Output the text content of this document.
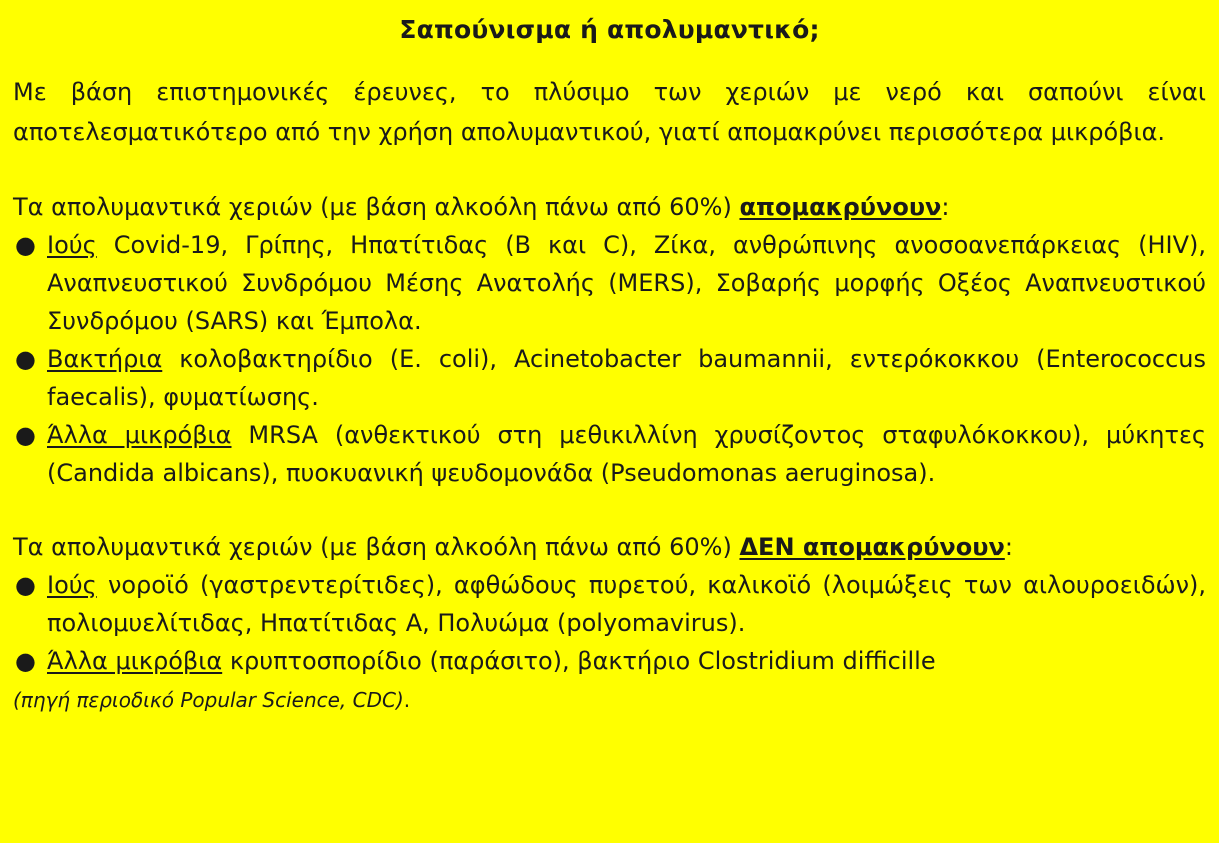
Σαπούνισμα ή απολυμαντικό;

Με βάση επιστημονικές έρευνες, το πλύσιμο των χεριών με νερό και σαπούνι είναι αποτελεσματικότερο από την χρήση απολυμαντικού, γιατί απομακρύνει περισσότερα μικρόβια.

Τα απολυμαντικά χεριών (με βάση αλκοόλη πάνω από 60%) απομακρύνουν:

● Ιούς Covid-19, Γρίπης, Ηπατίτιδας (Β και C), Ζίκα, ανθρώπινης ανοσοανεπάρκειας (HIV), Αναπνευστικού Συνδρόμου Μέσης Ανατολής (MERS), Σοβαρής μορφής Οξέος Αναπνευστικού Συνδρόμου (SARS) και Έμπολα.
● Βακτήρια κολοβακτηρίδιο (E. coli), Acinetobacter baumannii, εντερόκοκκου (Enterococcus faecalis), φυματίωσης.
● Άλλα μικρόβια MRSA (ανθεκτικού στη μεθικιλλίνη χρυσίζοντος σταφυλόκοκκου), μύκητες (Candida albicans), πυοκυανική ψευδομονάδα (Pseudomonas aeruginosa).

Τα απολυμαντικά χεριών (με βάση αλκοόλη πάνω από 60%) ΔΕΝ απομακρύνουν:

● Ιούς νοροϊό (γαστρεντερίτιδες), αφθώδους πυρετού, καλικοϊό (λοιμώξεις των αιλουροειδών), πολιομυελίτιδας, Ηπατίτιδας Α, Πολυώμα (polyomavirus).
● Άλλα μικρόβια κρυπτοσπορίδιο (παράσιτο), βακτήριο Clostridium difficille
(πηγή περιοδικό Popular Science, CDC).
